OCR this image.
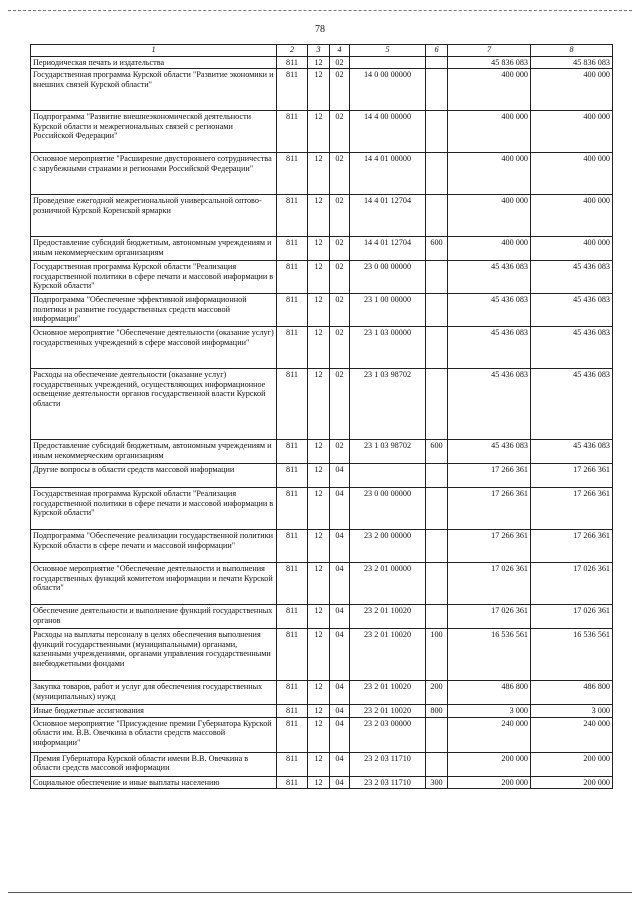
78
1	2	3	4	5	6	7	8
Периодическая печать и издательства	811	12	02			45 836 083	45 836 083
Государственная программа Курской области "Развитие экономики и внешних связей Курской области"	811	12	02	14 0 00 00000		400 000	400 000
Подпрограмма "Развитие внешнеэкономической деятельности Курской области и межрегиональных связей с регионами Российской Федерации"	811	12	02	14 4 00 00000		400 000	400 000
Основное мероприятие "Расширение двустороннего сотрудничества с зарубежными странами и регионами Российской Федерации"	811	12	02	14 4 01 00000		400 000	400 000
Проведение ежегодной межрегиональной универсальной оптово-розничной Курской Коренской ярмарки	811	12	02	14 4 01 12704		400 000	400 000
Предоставление субсидий бюджетным, автономным учреждениям и иным некоммерческим организациям	811	12	02	14 4 01 12704	600	400 000	400 000
Государственная программа Курской области "Реализация государственной политики в сфере печати и массовой информации в Курской области"	811	12	02	23 0 00 00000		45 436 083	45 436 083
Подпрограмма "Обеспечение эффективной информационной политики и развитие государственных средств массовой информации"	811	12	02	23 1 00 00000		45 436 083	45 436 083
Основное мероприятие "Обеспечение деятельности (оказание услуг) государственных учреждений в сфере массовой информации"	811	12	02	23 1 03 00000		45 436 083	45 436 083
Расходы на обеспечение деятельности (оказание услуг) государственных учреждений, осуществляющих информационное освещение деятельности органов государственной власти Курской области	811	12	02	23 1 03 98702		45 436 083	45 436 083
Предоставление субсидий бюджетным, автономным учреждениям и иным некоммерческим организациям	811	12	02	23 1 03 98702	600	45 436 083	45 436 083
Другие вопросы в области средств массовой информации	811	12	04			17 266 361	17 266 361
Государственная программа Курской области "Реализация государственной политики в сфере печати и массовой информации в Курской области"	811	12	04	23 0 00 00000		17 266 361	17 266 361
Подпрограмма "Обеспечение реализации государственной политики Курской области в сфере печати и массовой информации"	811	12	04	23 2 00 00000		17 266 361	17 266 361
Основное мероприятие "Обеспечение деятельности и выполнения государственных функций комитетом информации и печати Курской области"	811	12	04	23 2 01 00000		17 026 361	17 026 361
Обеспечение деятельности и выполнение функций государственных органов	811	12	04	23 2 01 10020		17 026 361	17 026 361
Расходы на выплаты персоналу в целях обеспечения выполнения функций государственными (муниципальными) органами, казенными учреждениями, органами управления государственными внебюджетными фондами	811	12	04	23 2 01 10020	100	16 536 561	16 536 561
Закупка товаров, работ и услуг для обеспечения государственных (муниципальных) нужд	811	12	04	23 2 01 10020	200	486 800	486 800
Иные бюджетные ассигнования	811	12	04	23 2 01 10020	800	3 000	3 000
Основное мероприятие "Присуждение премии Губернатора Курской области им. В.В. Овечкина в области средств массовой информации"	811	12	04	23 2 03 00000		240 000	240 000
Премия Губернатора Курской области имени В.В. Овечкина в области средств массовой информации	811	12	04	23 2 03 11710		200 000	200 000
Социальное обеспечение и иные выплаты населению	811	12	04	23 2 03 11710	300	200 000	200 000
